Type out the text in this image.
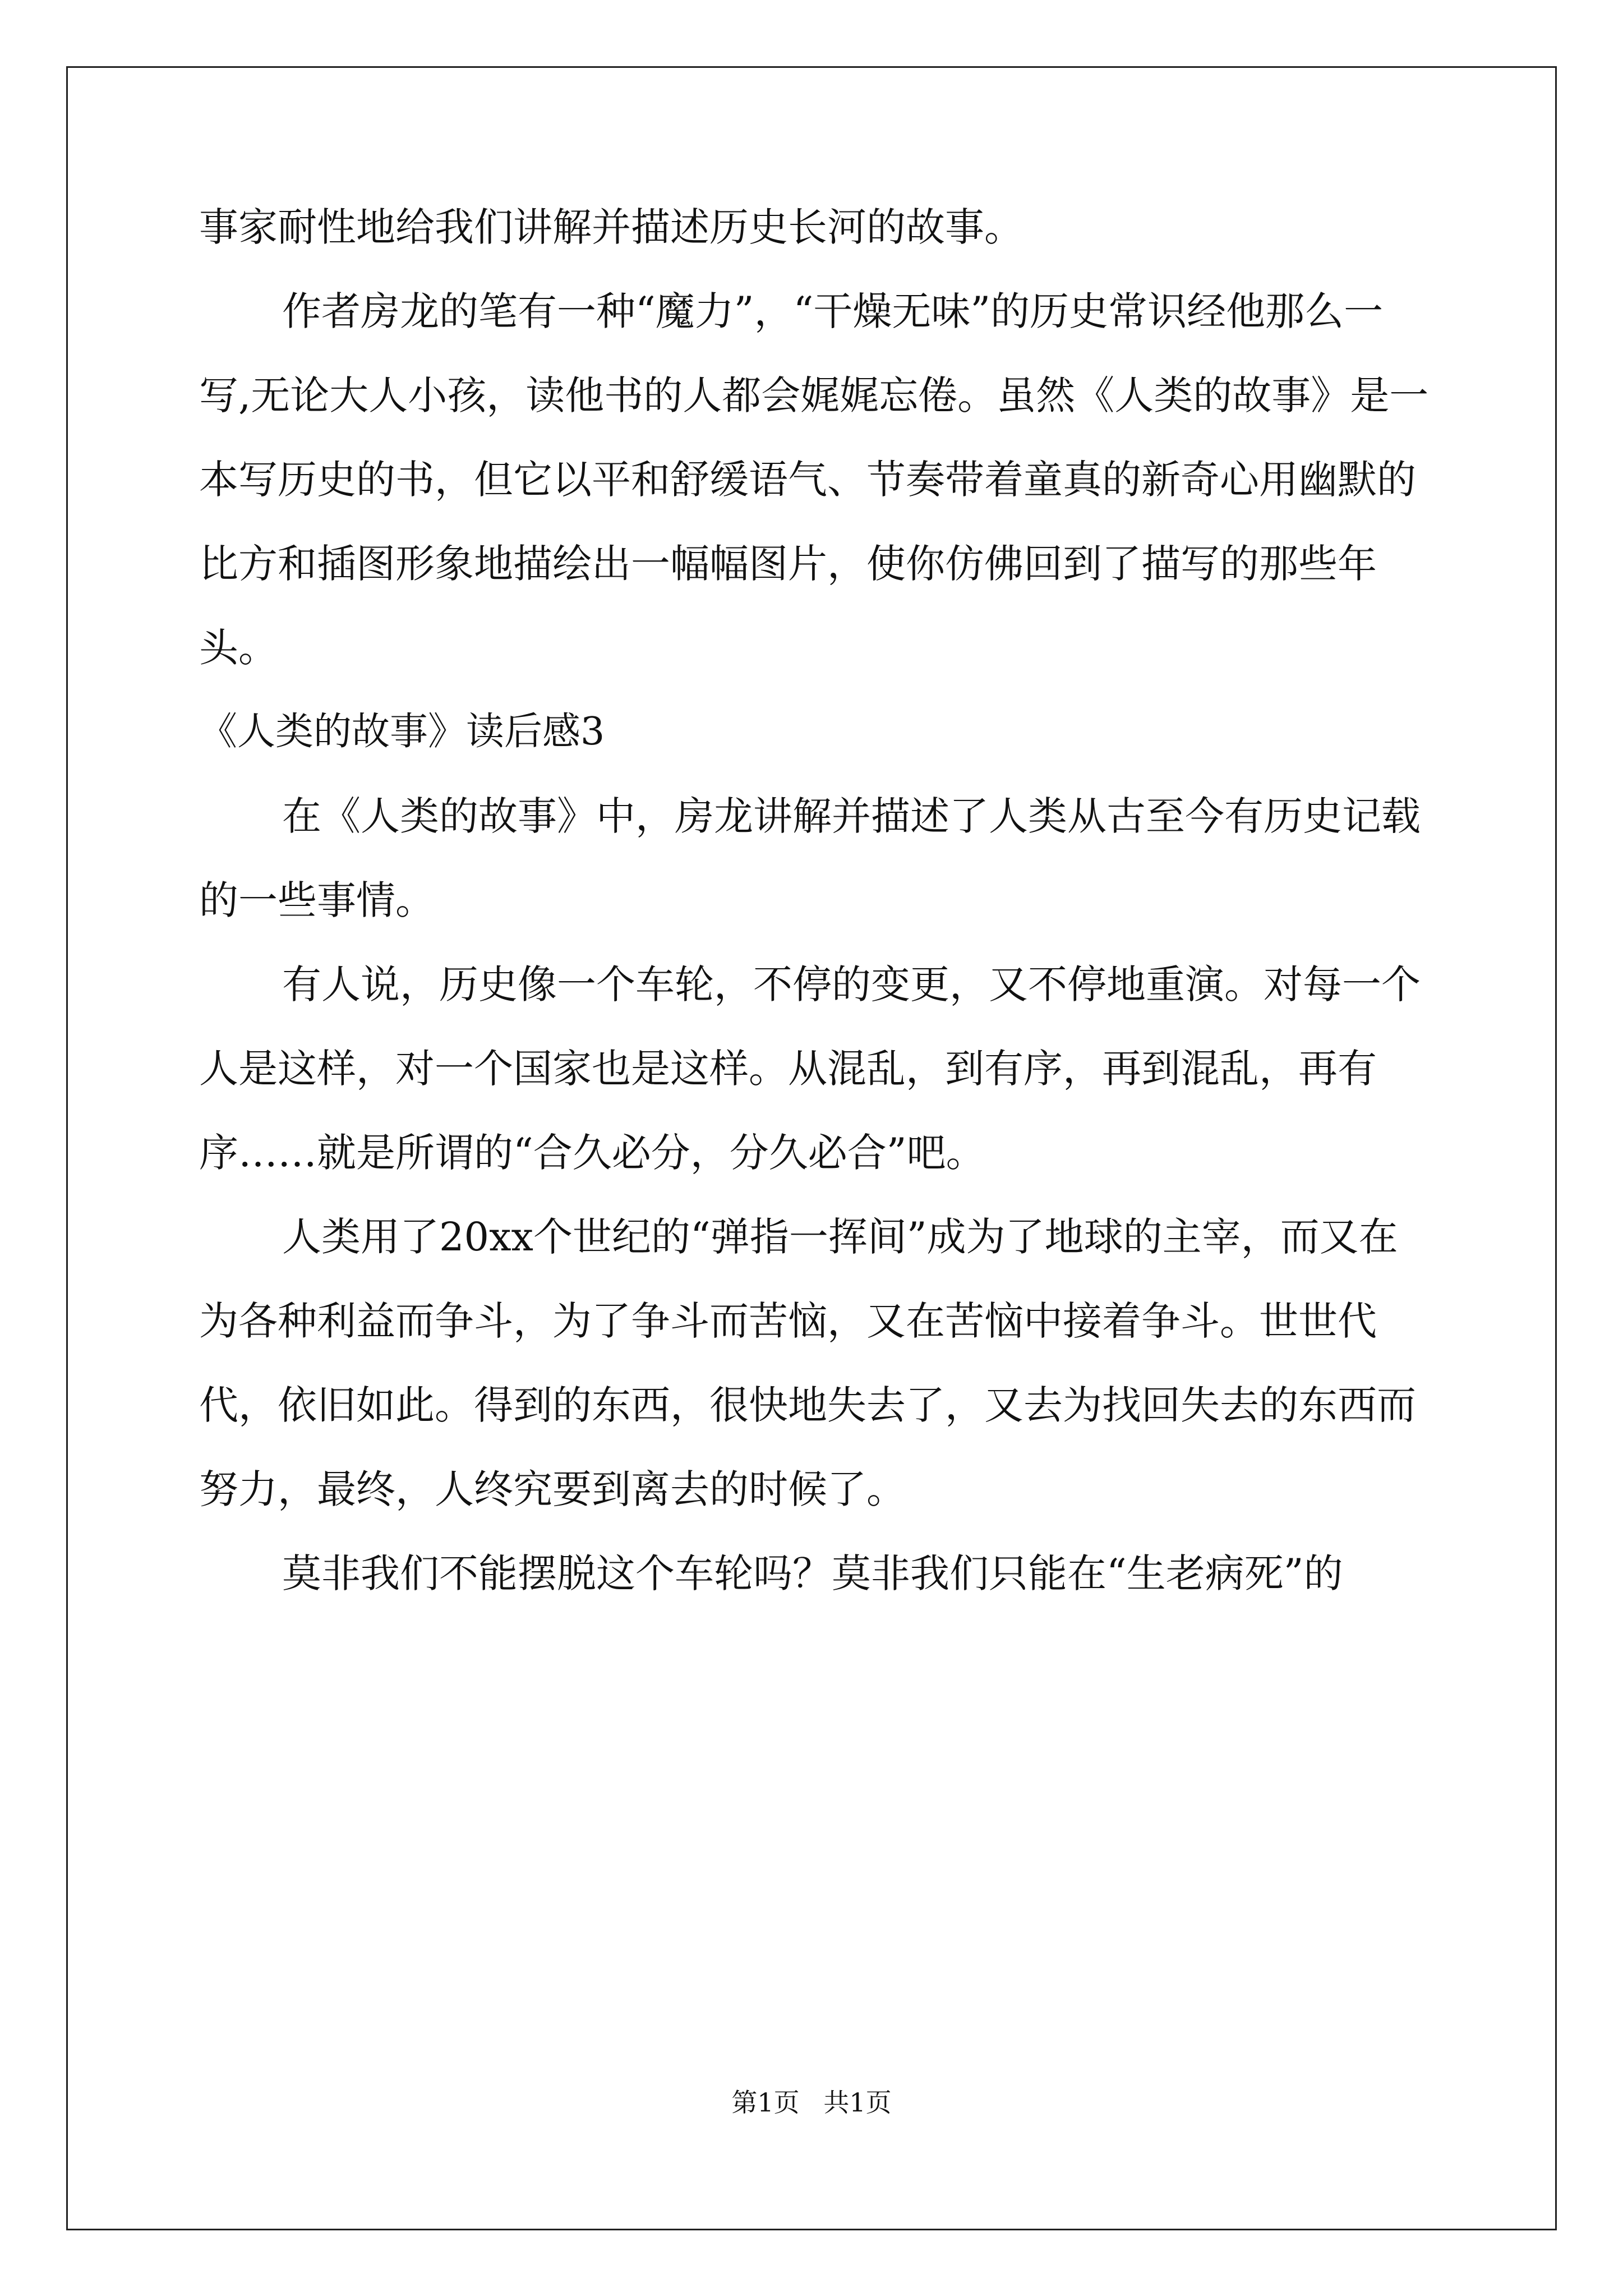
事家耐性地给我们讲解并描述历史长河的故事。

作者房龙的笔有一种“魔力”，“干燥无味”的历史常识经他那么一写,无论大人小孩，读他书的人都会娓娓忘倦。虽然《人类的故事》是一本写历史的书，但它以平和舒缓语气、节奏带着童真的新奇心用幽默的比方和插图形象地描绘出一幅幅图片，使你仿佛回到了描写的那些年头。

《人类的故事》读后感3

在《人类的故事》中，房龙讲解并描述了人类从古至今有历史记载的一些事情。

有人说，历史像一个车轮，不停的变更，又不停地重演。对每一个人是这样，对一个国家也是这样。从混乱，到有序，再到混乱，再有序……就是所谓的“合久必分，分久必合”吧。

人类用了20xx个世纪的“弹指一挥间”成为了地球的主宰，而又在为各种利益而争斗，为了争斗而苦恼，又在苦恼中接着争斗。世世代代，依旧如此。得到的东西，很快地失去了，又去为找回失去的东西而努力，最终，人终究要到离去的时候了。

莫非我们不能摆脱这个车轮吗？莫非我们只能在“生老病死”的

第1页 共1页
